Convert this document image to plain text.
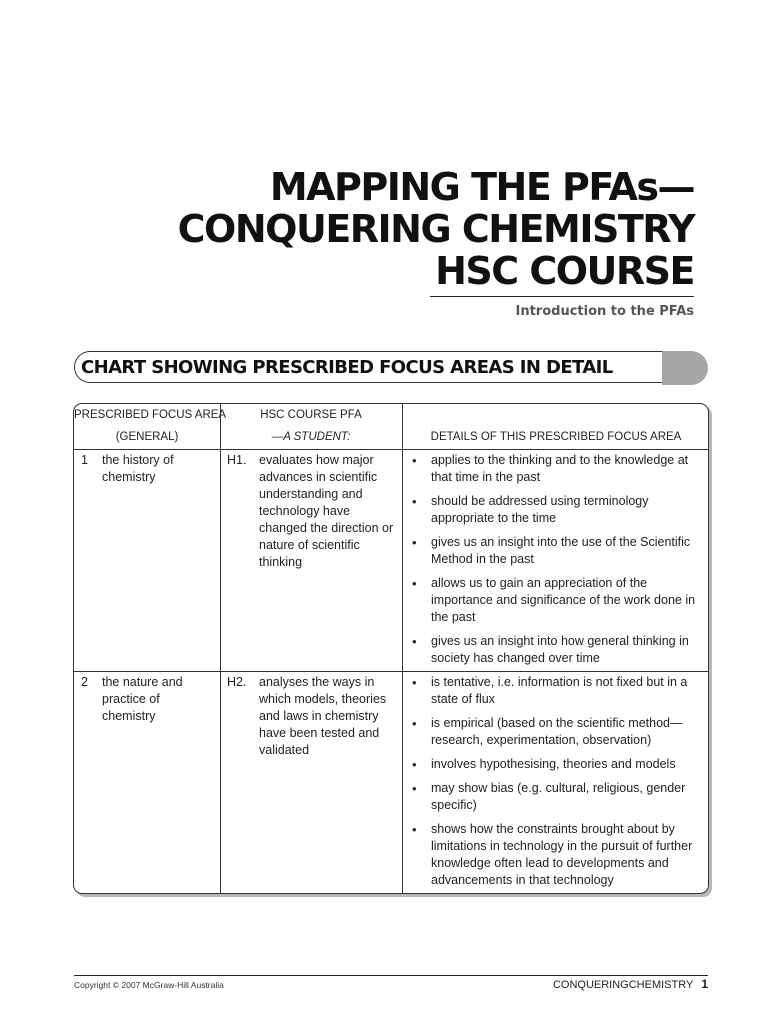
MAPPING THE PFAs—
CONQUERING CHEMISTRY
HSC COURSE
Introduction to the PFAs
CHART SHOWING PRESCRIBED FOCUS AREAS IN DETAIL
PRESCRIBED FOCUS AREA
(GENERAL)
HSC COURSE PFA
—A STUDENT:	DETAILS OF THIS PRESCRIBED FOCUS AREA
1 the history of chemistry
H1. evaluates how major advances in scientific understanding and technology have changed the direction or nature of scientific thinking
• applies to the thinking and to the knowledge at that time in the past
• should be addressed using terminology appropriate to the time
• gives us an insight into the use of the Scientific Method in the past
• allows us to gain an appreciation of the importance and significance of the work done in the past
• gives us an insight into how general thinking in society has changed over time
2 the nature and practice of chemistry
H2. analyses the ways in which models, theories and laws in chemistry have been tested and validated
• is tentative, i.e. information is not fixed but in a state of flux
• is empirical (based on the scientific method—research, experimentation, observation)
• involves hypothesising, theories and models
• may show bias (e.g. cultural, religious, gender specific)
• shows how the constraints brought about by limitations in technology in the pursuit of further knowledge often lead to developments and advancements in that technology
Copyright © 2007 McGraw-Hill Australia	CONQUERINGCHEMISTRY 1
